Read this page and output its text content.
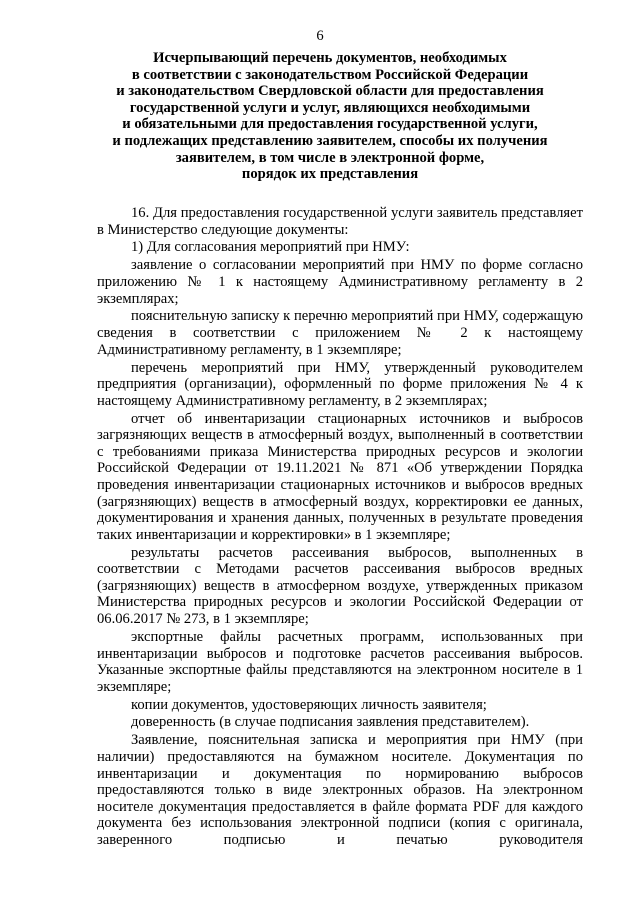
6
Исчерпывающий перечень документов, необходимых
в соответствии с законодательством Российской Федерации
и законодательством Свердловской области для предоставления
государственной услуги и услуг, являющихся необходимыми
и обязательными для предоставления государственной услуги,
и подлежащих представлению заявителем, способы их получения
заявителем, в том числе в электронной форме,
порядок их представления

16. Для предоставления государственной услуги заявитель представляет в Министерство следующие документы:

1) Для согласования мероприятий при НМУ:

заявление о согласовании мероприятий при НМУ по форме согласно приложению № 1 к настоящему Административному регламенту в 2 экземплярах;

пояснительную записку к перечню мероприятий при НМУ, содержащую сведения в соответствии с приложением № 2 к настоящему Административному регламенту, в 1 экземпляре;

перечень мероприятий при НМУ, утвержденный руководителем предприятия (организации), оформленный по форме приложения № 4 к настоящему Административному регламенту, в 2 экземплярах;

отчет об инвентаризации стационарных источников и выбросов загрязняющих веществ в атмосферный воздух, выполненный в соответствии с требованиями приказа Министерства природных ресурсов и экологии Российской Федерации от 19.11.2021 № 871 «Об утверждении Порядка проведения инвентаризации стационарных источников и выбросов вредных (загрязняющих) веществ в атмосферный воздух, корректировки ее данных, документирования и хранения данных, полученных в результате проведения таких инвентаризации и корректировки» в 1 экземпляре;

результаты расчетов рассеивания выбросов, выполненных в соответствии с Методами расчетов рассеивания выбросов вредных (загрязняющих) веществ в атмосферном воздухе, утвержденных приказом Министерства природных ресурсов и экологии Российской Федерации от 06.06.2017 № 273, в 1 экземпляре;

экспортные файлы расчетных программ, использованных при инвентаризации выбросов и подготовке расчетов рассеивания выбросов. Указанные экспортные файлы представляются на электронном носителе в 1 экземпляре;

копии документов, удостоверяющих личность заявителя;

доверенность (в случае подписания заявления представителем).

Заявление, пояснительная записка и мероприятия при НМУ (при наличии) предоставляются на бумажном носителе. Документация по инвентаризации и документация по нормированию выбросов предоставляются только в виде электронных образов. На электронном носителе документация предоставляется в файле формата PDF для каждого документа без использования электронной подписи (копия с оригинала, заверенного подписью и печатью руководителя
